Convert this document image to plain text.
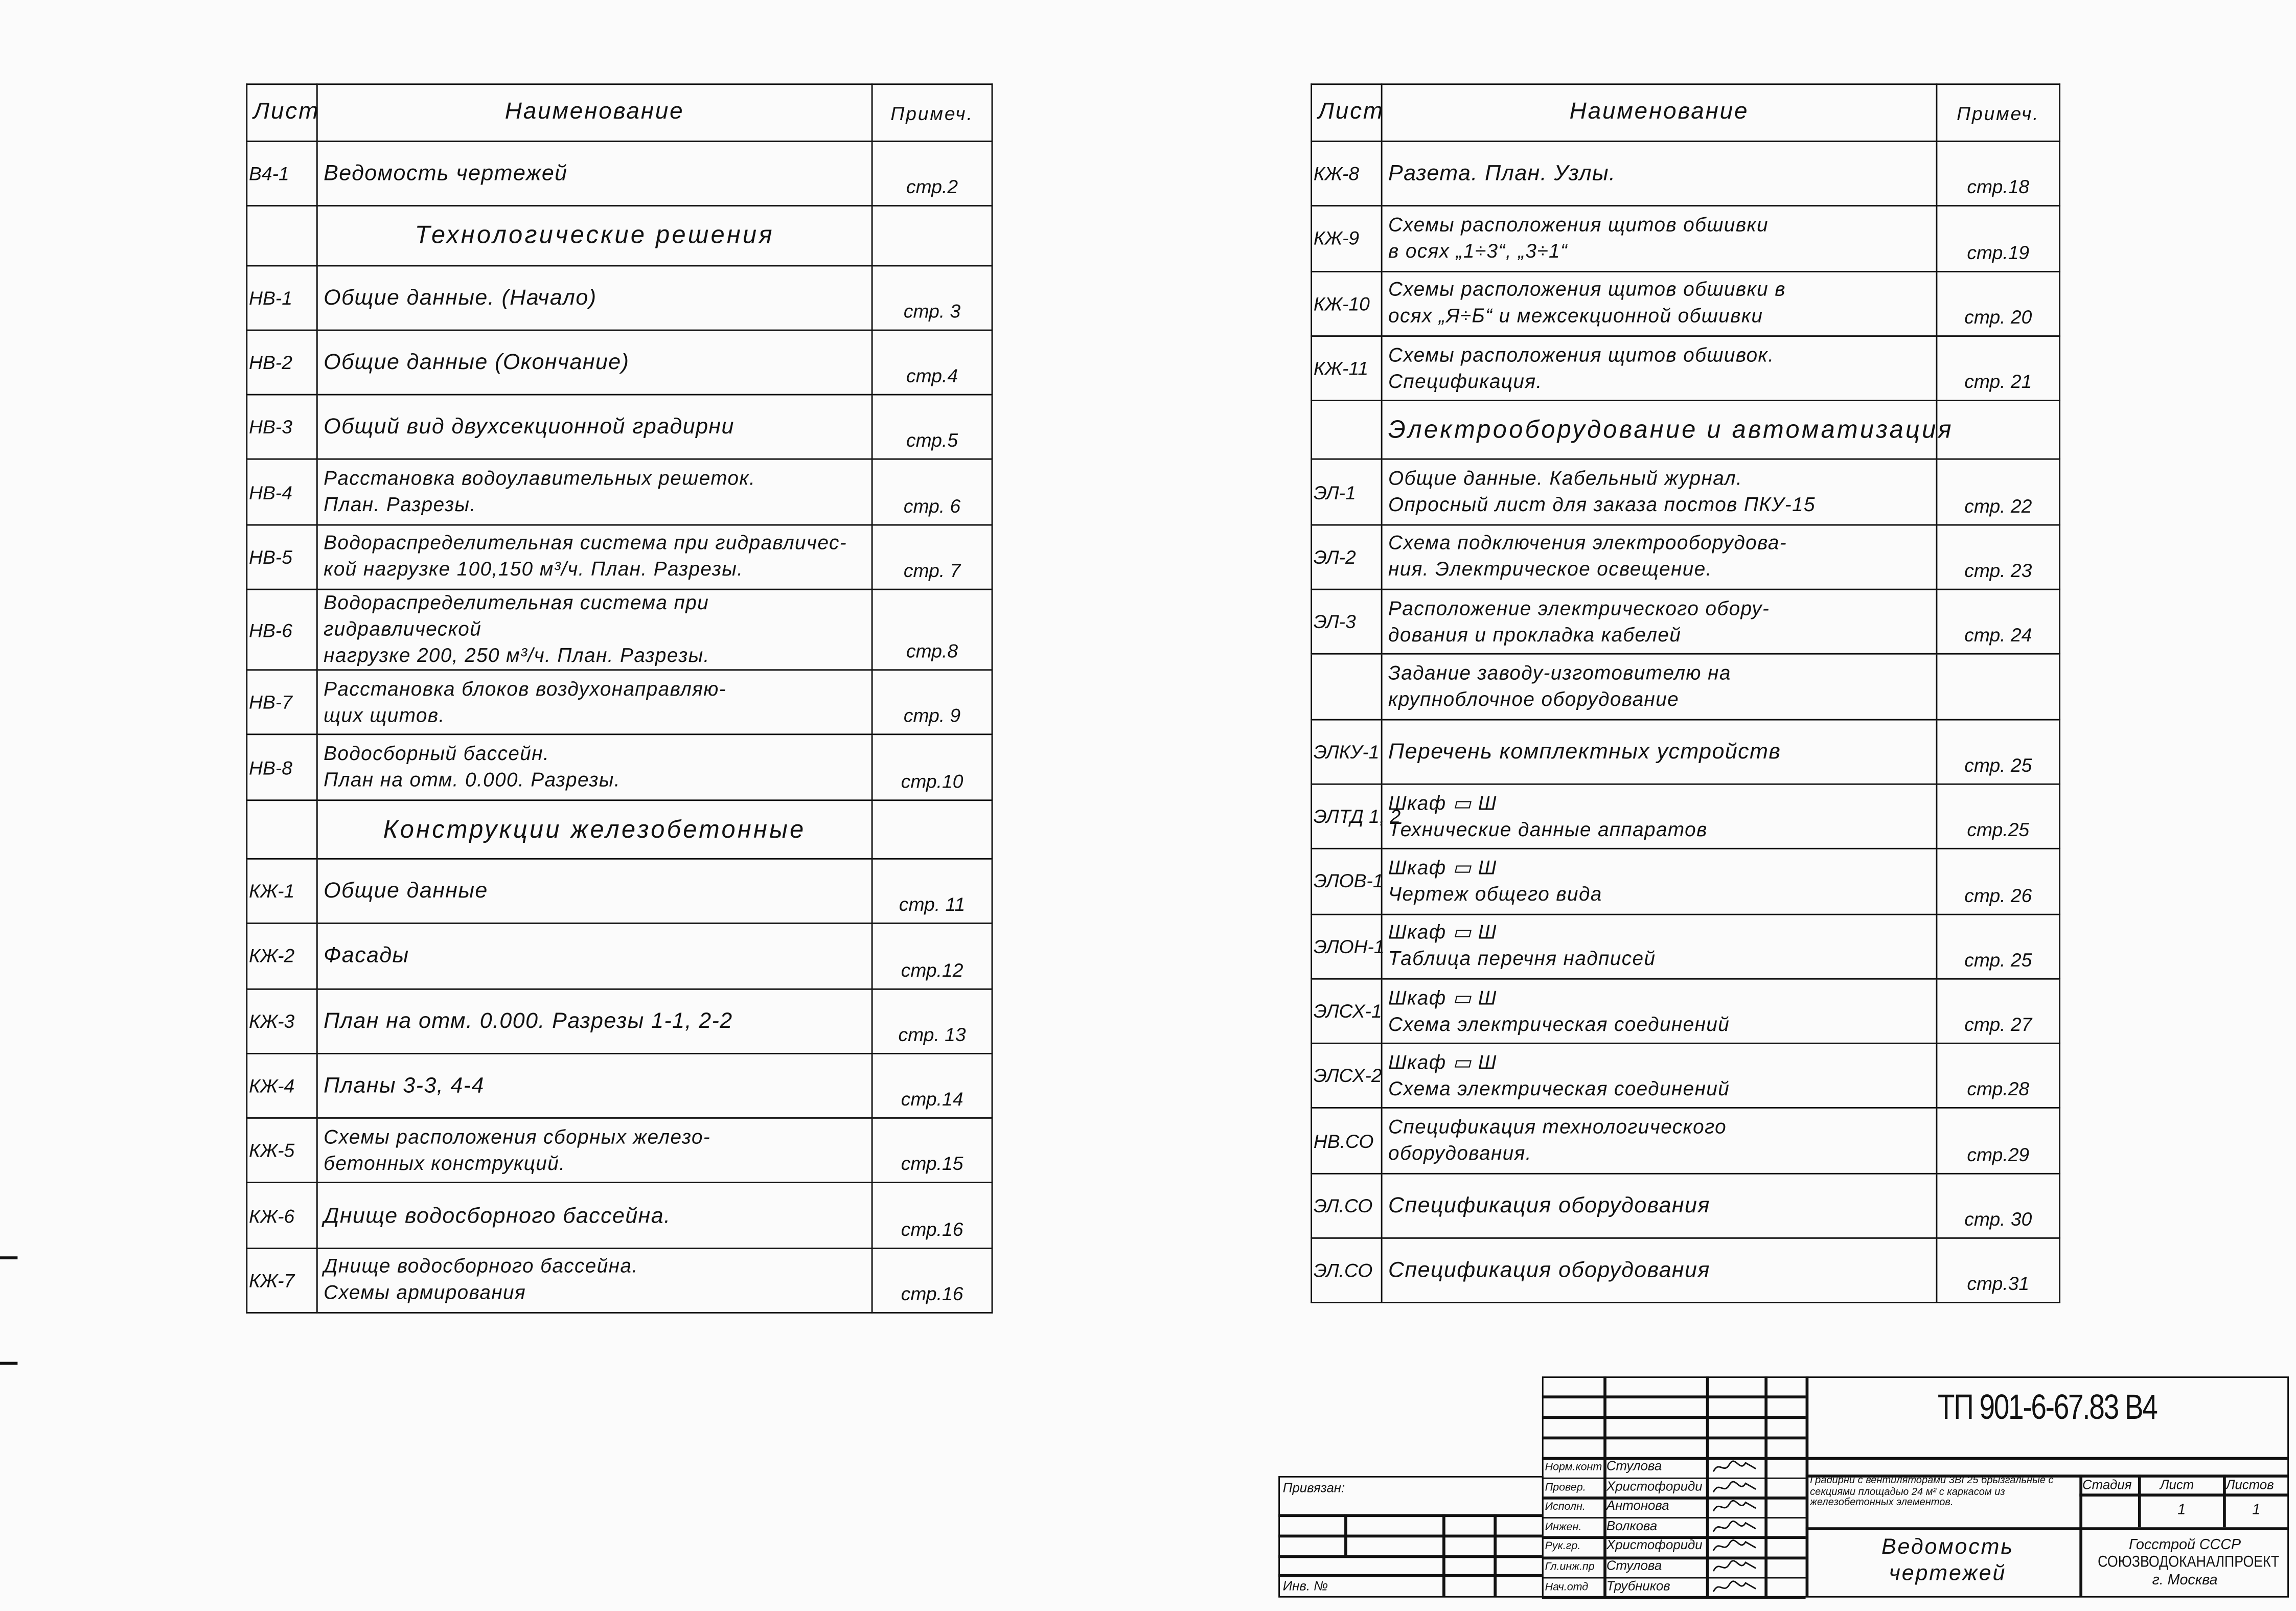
Лист	Наименование	Примеч.
В4-1	Ведомость чертежей	стр.2
	Технологические решения	
НВ-1	Общие данные. (Начало)	стр. 3
НВ-2	Общие данные (Окончание)	стр.4
НВ-3	Общий вид двухсекционной градирни	стр.5
НВ-4	Расстановка водоулавительных решеток.
План. Разрезы.	стр. 6
НВ-5	Водораспределительная система при гидравличес-
кой нагрузке 100,150 м³/ч. План. Разрезы.	стр. 7
НВ-6	Водораспределительная система при гидравлической
нагрузке 200, 250 м³/ч. План. Разрезы.	стр.8
НВ-7	Расстановка блоков воздухонаправляю-
щих щитов.	стр. 9
НВ-8	Водосборный бассейн.
План на отм. 0.000. Разрезы.	стр.10
	Конструкции железобетонные	
КЖ-1	Общие данные	стр. 11
КЖ-2	Фасады	стр.12
КЖ-3	План на отм. 0.000. Разрезы 1-1, 2-2	стр. 13
КЖ-4	Планы 3-3, 4-4	стр.14
КЖ-5	Схемы расположения сборных железо-
бетонных конструкций.	стр.15
КЖ-6	Днище водосборного бассейна.	стр.16
КЖ-7	Днище водосборного бассейна.
Схемы армирования	стр.16
Лист	Наименование	Примеч.
КЖ-8	Разета. План. Узлы.	стр.18
КЖ-9	Схемы расположения щитов обшивки
в осях „1÷3“, „3÷1“	стр.19
КЖ-10	Схемы расположения щитов обшивки в
осях „Я÷Б“ и межсекционной обшивки	стр. 20
КЖ-11	Схемы расположения щитов обшивок.
Спецификация.	стр. 21
	Электрооборудование и автоматизация	
ЭЛ-1	Общие данные. Кабельный журнал.
Опросный лист для заказа постов ПКУ-15	стр. 22
ЭЛ-2	Схема подключения электрооборудова-
ния. Электрическое освещение.	стр. 23
ЭЛ-3	Расположение электрического обору-
дования и прокладка кабелей	стр. 24
	Задание заводу-изготовителю на
крупноблочное оборудование	
ЭЛКУ-1	Перечень комплектных устройств	стр. 25
ЭЛТД 1, 2	Шкаф ▭ Ш
Технические данные аппаратов	стр.25
ЭЛОВ-1	Шкаф ▭ Ш
Чертеж общего вида	стр. 26
ЭЛОН-1	Шкаф ▭ Ш
Таблица перечня надписей	стр. 25
ЭЛСХ-1	Шкаф ▭ Ш
Схема электрическая соединений	стр. 27
ЭЛСХ-2	Шкаф ▭ Ш
Схема электрическая соединений	стр.28
НВ.СО	Спецификация технологического
оборудования.	стр.29
ЭЛ.СО	Спецификация оборудования	стр. 30
ЭЛ.СО	Спецификация оборудования	стр.31
Привязан:
Инв. №
Норм.конт Стулова
Провер.	Христофориди
Исполн.	Антонова
Инжен.	Волкова
Рук.гр.	Христофориди
Гл.инж.пр	Стулова
Нач.отд	Трубников
ТП 901-6-67.83 В4
Градирни с вентиляторами 3ВГ25 брызгальные с секциями площадью 24 м² с каркасом из железобетонных элементов.
Стадия	Лист	Листов
1	1
Ведомость чертежей
Госстрой СССР
СОЮЗВОДОКАНАЛПРОЕКТ
г. Москва
